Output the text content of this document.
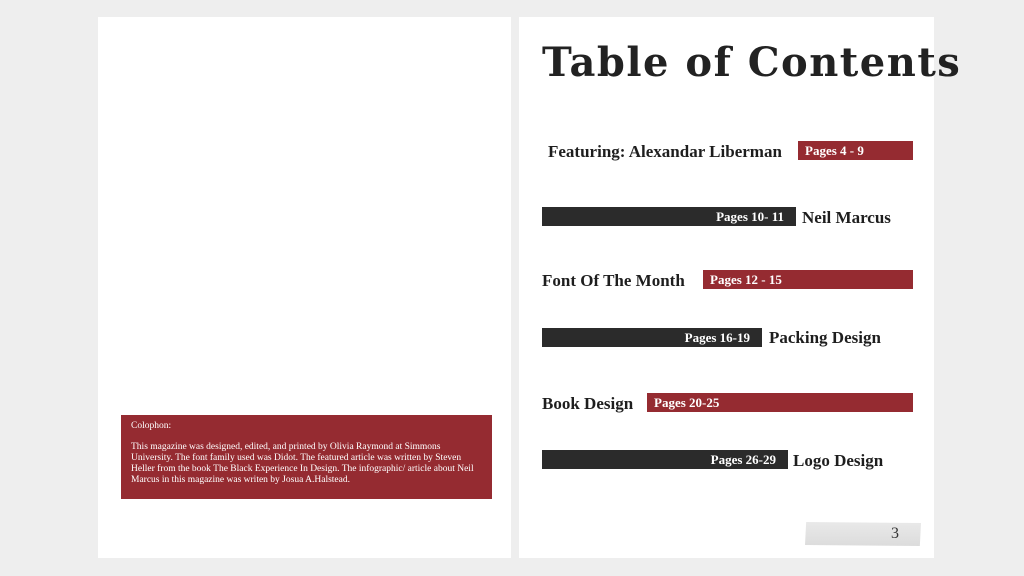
Colophon:
This magazine was designed, edited, and printed by Olivia Raymond at Simmons University. The font family used was Didot. The featured article was written by Steven Heller from the book The Black Experience In Design. The infographic/ article about Neil Marcus in this magazine was writen by Josua A.Halstead.
Table of Contents
Featuring: Alexandar Liberman	Pages 4 - 9
Pages 10- 11	Neil Marcus
Font Of The Month	Pages 12 - 15
Pages 16-19	Packing Design
Book Design	Pages 20-25
Pages 26-29	Logo Design
3
